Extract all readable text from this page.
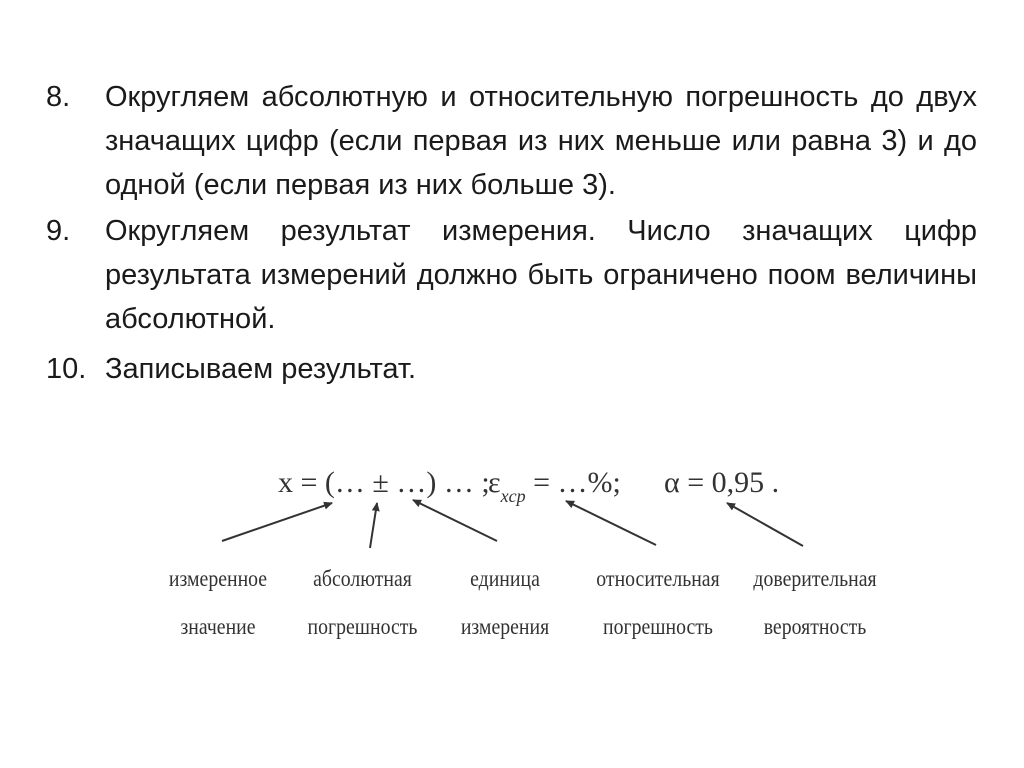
8. Округляем абсолютную и относительную погрешность до двух значащих цифр (если первая из них меньше или равна 3) и до одной (если первая из них больше 3).
9. Округляем результат измерения. Число значащих цифр результата измерений должно быть ограничено поом величины абсолютной.
10. Записываем результат.
x = (… ± …) … ;
$\varepsilon_{xср}$ = …%; α = 0,95 .
измеренное
значение
абсолютная
погрешность
единица
измерения
относительная
погрешность
доверительная
вероятность
